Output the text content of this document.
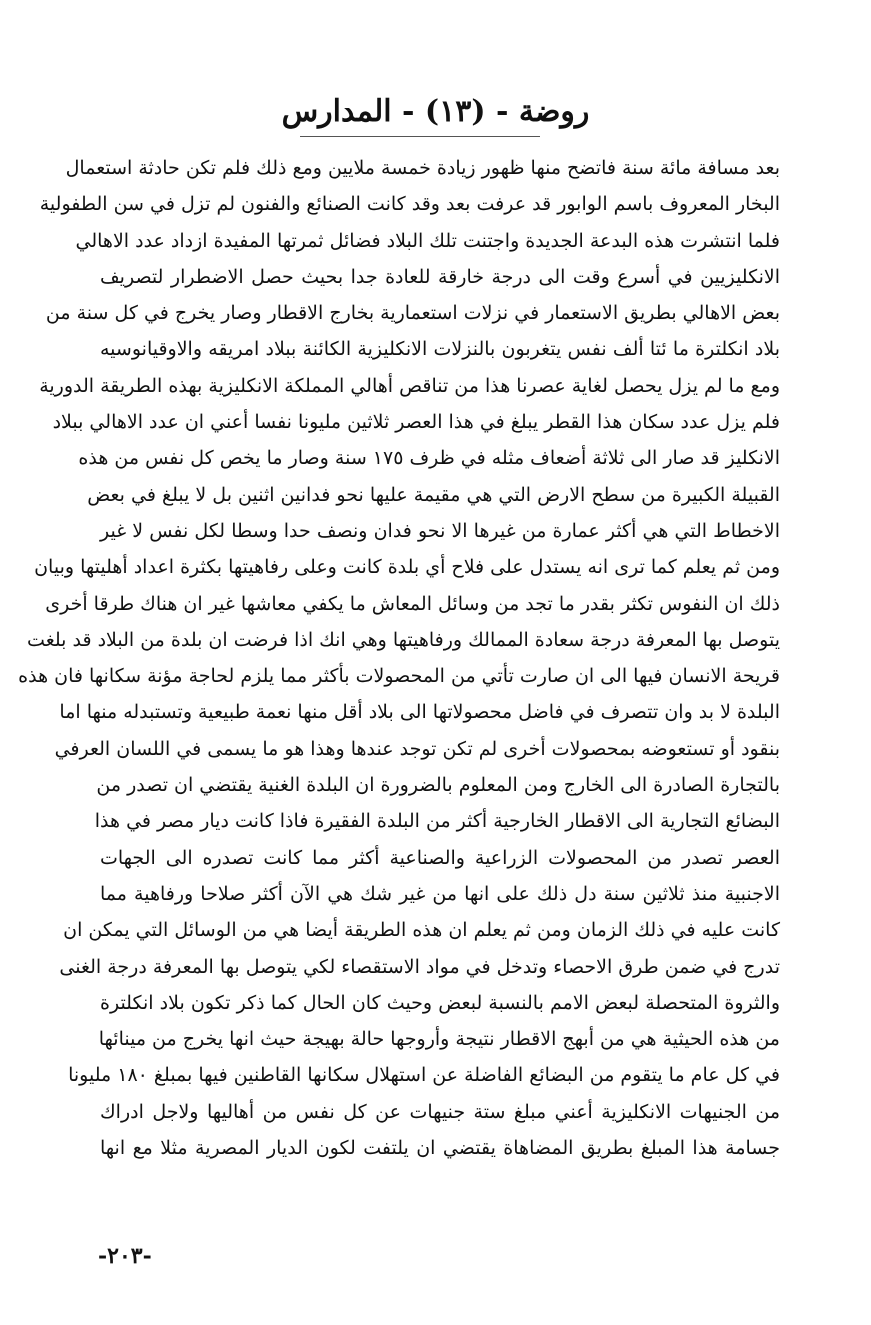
روضة - (١٣) - المدارس
بعد مسافة مائة سنة فاتضح منها ظهور زيادة خمسة ملايين ومع ذلك فلم تكن حادثة استعمال
البخار المعروف باسم الوابور قد عرفت بعد وقد كانت الصنائع والفنون لم تزل في سن الطفولية
فلما انتشرت هذه البدعة الجديدة واجتنت تلك البلاد فضائل ثمرتها المفيدة ازداد عدد الاهالي
الانكليزيين في أسرع وقت الى درجة خارقة للعادة جدا بحيث حصل الاضطرار لتصريف
بعض الاهالي بطريق الاستعمار في نزلات استعمارية بخارج الاقطار وصار يخرج في كل سنة من
بلاد انكلترة ما ئتا ألف نفس يتغربون بالنزلات الانكليزية الكائنة ببلاد امريقه والاوقيانوسيه
ومع ما لم يزل يحصل لغاية عصرنا هذا من تناقص أهالي المملكة الانكليزية بهذه الطريقة الدورية
فلم يزل عدد سكان هذا القطر يبلغ في هذا العصر ثلاثين مليونا نفسا أعني ان عدد الاهالي ببلاد
الانكليز قد صار الى ثلاثة أضعاف مثله في ظرف ١٧٥ سنة وصار ما يخص كل نفس من هذه
القبيلة الكبيرة من سطح الارض التي هي مقيمة عليها نحو فدانين اثنين بل لا يبلغ في بعض
الاخطاط التي هي أكثر عمارة من غيرها الا نحو فدان ونصف حدا وسطا لكل نفس لا غير
ومن ثم يعلم كما ترى انه يستدل على فلاح أي بلدة كانت وعلى رفاهيتها بكثرة اعداد أهليتها وبيان
ذلك ان النفوس تكثر بقدر ما تجد من وسائل المعاش ما يكفي معاشها غير ان هناك طرقا أخرى
يتوصل بها المعرفة درجة سعادة الممالك ورفاهيتها وهي انك اذا فرضت ان بلدة من البلاد قد بلغت
قريحة الانسان فيها الى ان صارت تأتي من المحصولات بأكثر مما يلزم لحاجة مؤنة سكانها فان هذه
البلدة لا بد وان تتصرف في فاضل محصولاتها الى بلاد أقل منها نعمة طبيعية وتستبدله منها اما
بنقود أو تستعوضه بمحصولات أخرى لم تكن توجد عندها وهذا هو ما يسمى في اللسان العرفي
بالتجارة الصادرة الى الخارج ومن المعلوم بالضرورة ان البلدة الغنية يقتضي ان تصدر من
البضائع التجارية الى الاقطار الخارجية أكثر من البلدة الفقيرة فاذا كانت ديار مصر في هذا
العصر تصدر من المحصولات الزراعية والصناعية أكثر مما كانت تصدره الى الجهات
الاجنبية منذ ثلاثين سنة دل ذلك على انها من غير شك هي الآن أكثر صلاحا ورفاهية مما
كانت عليه في ذلك الزمان ومن ثم يعلم ان هذه الطريقة أيضا هي من الوسائل التي يمكن ان
تدرج في ضمن طرق الاحصاء وتدخل في مواد الاستقصاء لكي يتوصل بها المعرفة درجة الغنى
والثروة المتحصلة لبعض الامم بالنسبة لبعض وحيث كان الحال كما ذكر تكون بلاد انكلترة
من هذه الحيثية هي من أبهج الاقطار نتيجة وأروجها حالة بهيجة حيث انها يخرج من مينائها
في كل عام ما يتقوم من البضائع الفاضلة عن استهلال سكانها القاطنين فيها بمبلغ ١٨٠ مليونا
من الجنيهات الانكليزية أعني مبلغ ستة جنيهات عن كل نفس من أهاليها ولاجل ادراك
جسامة هذا المبلغ بطريق المضاهاة يقتضي ان يلتفت لكون الديار المصرية مثلا مع انها
-٢٠٣-
